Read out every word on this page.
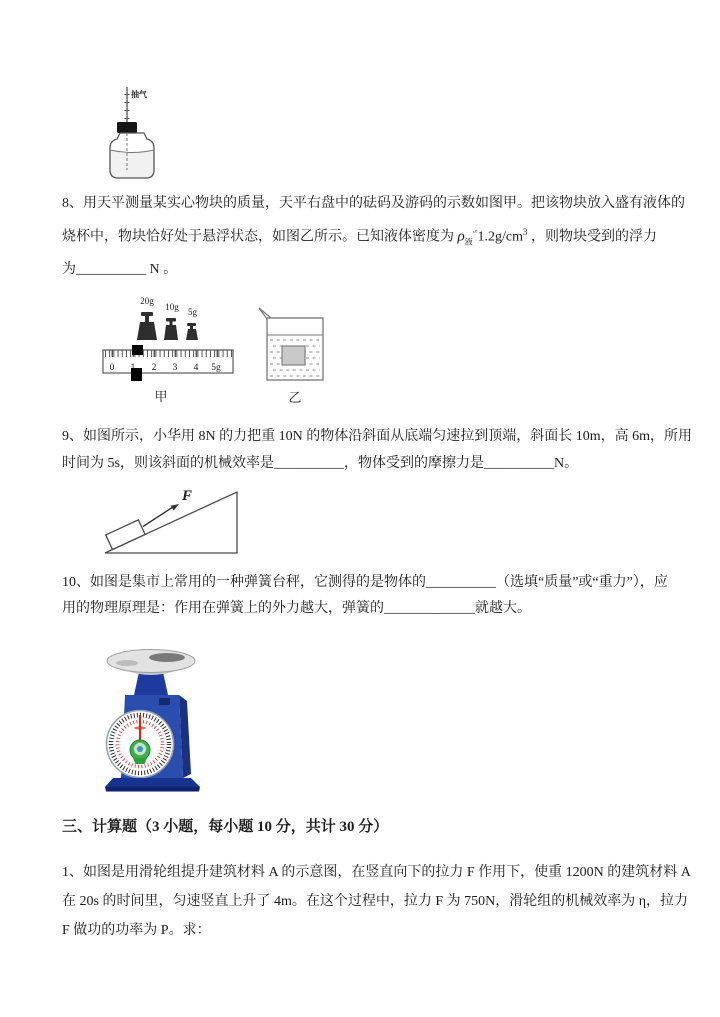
抽气
8、用天平测量某实心物块的质量，天平右盘中的砝码及游码的示数如图甲。把该物块放入盛有液体的
烧杯中，物块恰好处于悬浮状态，如图乙所示。已知液体密度为 $\rho_液^{ˣ^\circ}1.2g/cm^3$ ，则物块受到的浮力
为__________ N 。
20g
10g 5g
0	2 3 4 5g
甲	乙
9、如图所示，小华用 8N 的力把重 10N 的物体沿斜面从底端匀速拉到顶端，斜面长 10m，高 6m，所用
时间为 5s，则该斜面的机械效率是__________，物体受到的摩擦力是__________N。
F
10、如图是集市上常用的一种弹簧台秤，它测得的是物体的__________（选填“质量”或“重力”），应
用的物理原理是：作用在弹簧上的外力越大，弹簧的_____________就越大。
三、计算题（3 小题，每小题 10 分，共计 30 分）
1、如图是用滑轮组提升建筑材料 A 的示意图，在竖直向下的拉力 F 作用下，使重 1200N 的建筑材料 A
在 20s 的时间里，匀速竖直上升了 4m。在这个过程中，拉力 F 为 750N，滑轮组的机械效率为 η，拉力
F 做功的功率为 P。求：
